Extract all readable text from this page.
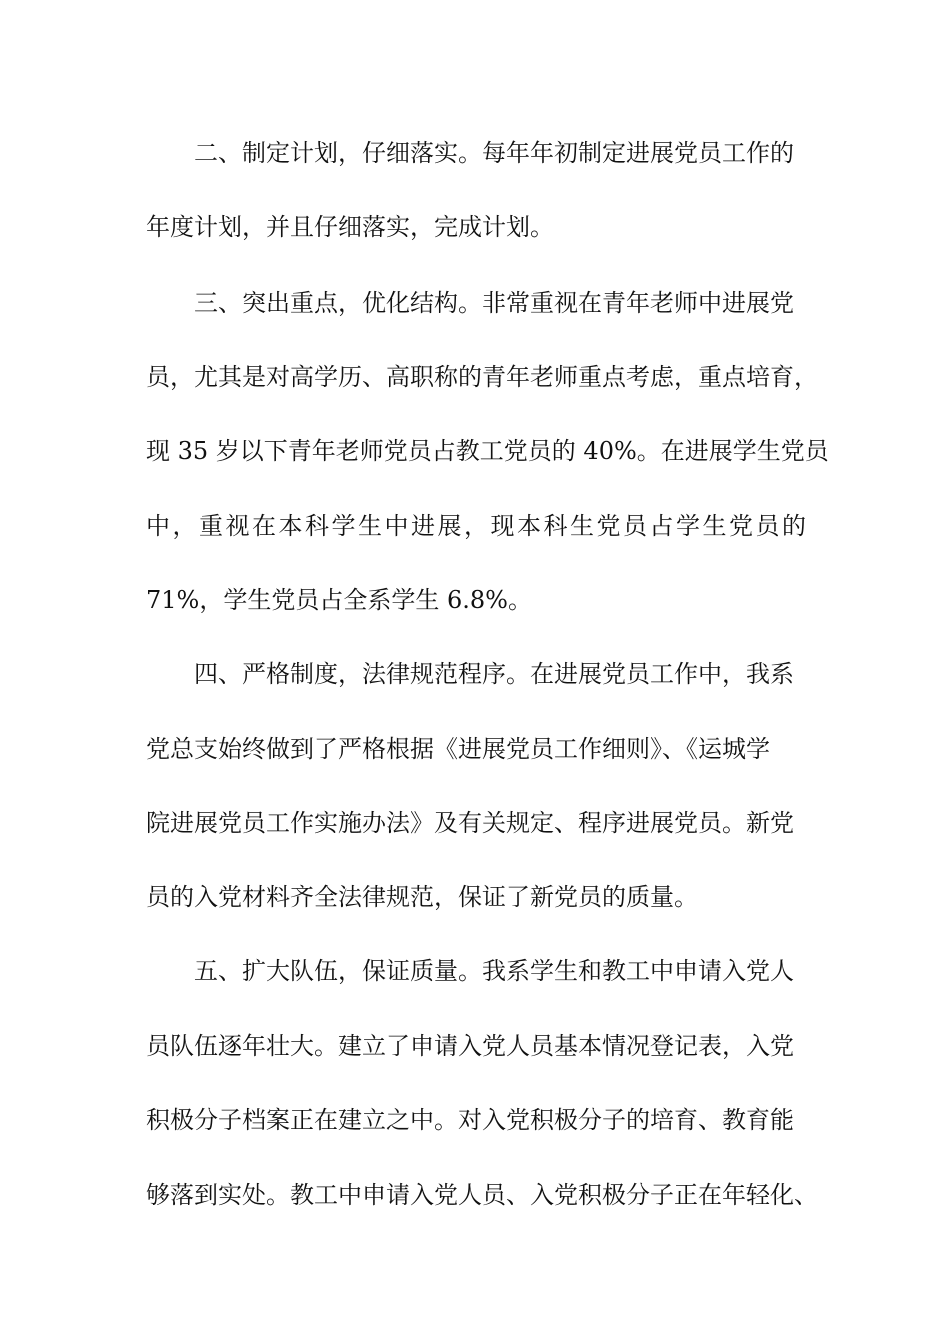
二、制定计划，仔细落实。每年年初制定进展党员工作的
年度计划，并且仔细落实，完成计划。
三、突出重点，优化结构。非常重视在青年老师中进展党
员，尤其是对高学历、高职称的青年老师重点考虑，重点培育，
现 35 岁以下青年老师党员占教工党员的 40%。在进展学生党员
中，重视在本科学生中进展，现本科生党员占学生党员的
71%，学生党员占全系学生 6.8%。
四、严格制度，法律规范程序。在进展党员工作中，我系
党总支始终做到了严格根据《进展党员工作细则》、《运城学
院进展党员工作实施办法》及有关规定、程序进展党员。新党
员的入党材料齐全法律规范，保证了新党员的质量。
五、扩大队伍，保证质量。我系学生和教工中申请入党人
员队伍逐年壮大。建立了申请入党人员基本情况登记表，入党
积极分子档案正在建立之中。对入党积极分子的培育、教育能
够落到实处。教工中申请入党人员、入党积极分子正在年轻化、
